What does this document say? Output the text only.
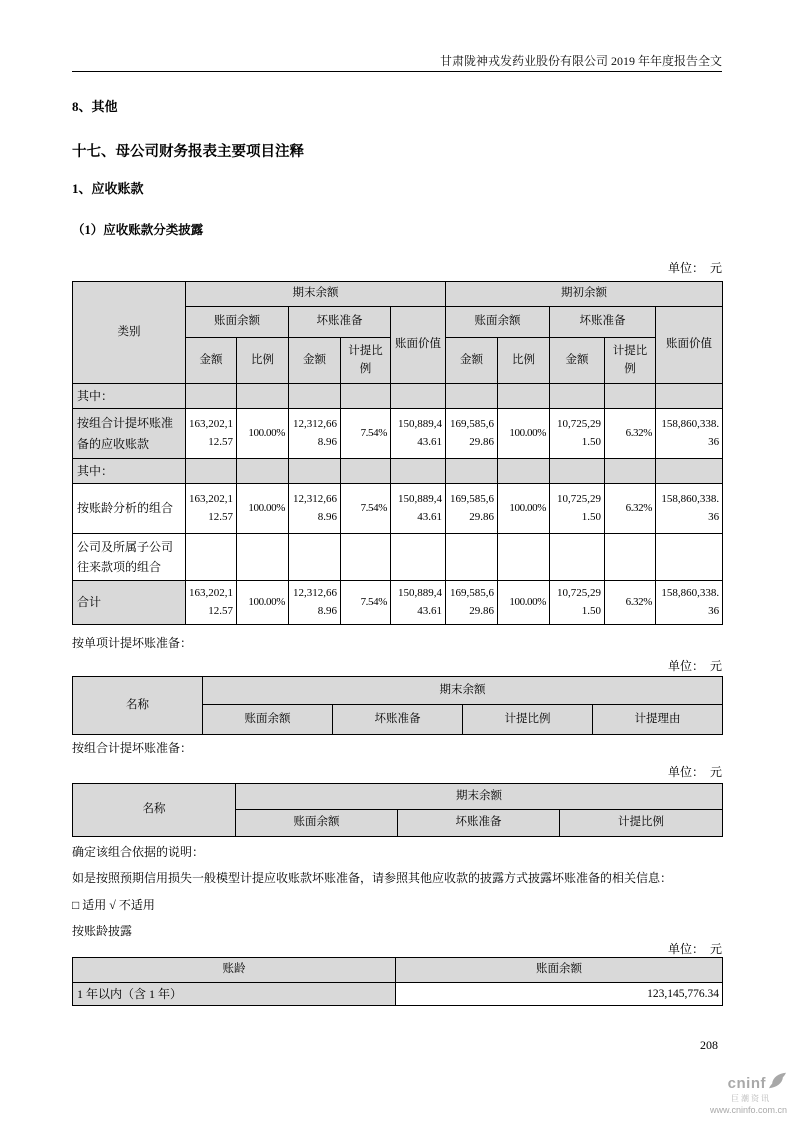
甘肃陇神戎发药业股份有限公司 2019 年年度报告全文
8、其他
十七、母公司财务报表主要项目注释
1、应收账款
（1）应收账款分类披露
单位：　元
类别	期末余额					期初余额				
	账面余额		坏账准备		账面价值	账面余额		坏账准备		账面价值
	金额	比例	金额	计提比例		金额	比例	金额	计提比例	
其中：										
按组合计提坏账准备的应收账款	163,202,112.57	100.00%	12,312,668.96	7.54%	150,889,443.61	169,585,629.86	100.00%	10,725,291.50	6.32%	158,860,338.36
其中：										
按账龄分析的组合	163,202,112.57	100.00%	12,312,668.96	7.54%	150,889,443.61	169,585,629.86	100.00%	10,725,291.50	6.32%	158,860,338.36
公司及所属子公司往来款项的组合										
合计	163,202,112.57	100.00%	12,312,668.96	7.54%	150,889,443.61	169,585,629.86	100.00%	10,725,291.50	6.32%	158,860,338.36
按单项计提坏账准备：
单位：　元
名称	期末余额			
	账面余额	坏账准备	计提比例	计提理由
按组合计提坏账准备：
单位：　元
名称	期末余额		
	账面余额	坏账准备	计提比例
确定该组合依据的说明：
如是按照预期信用损失一般模型计提应收账款坏账准备，请参照其他应收款的披露方式披露坏账准备的相关信息：
□ 适用 √ 不适用
按账龄披露
单位：　元
账龄	账面余额
1 年以内（含 1 年）	123,145,776.34
208
cninf
巨潮资讯
www.cninfo.com.cn
